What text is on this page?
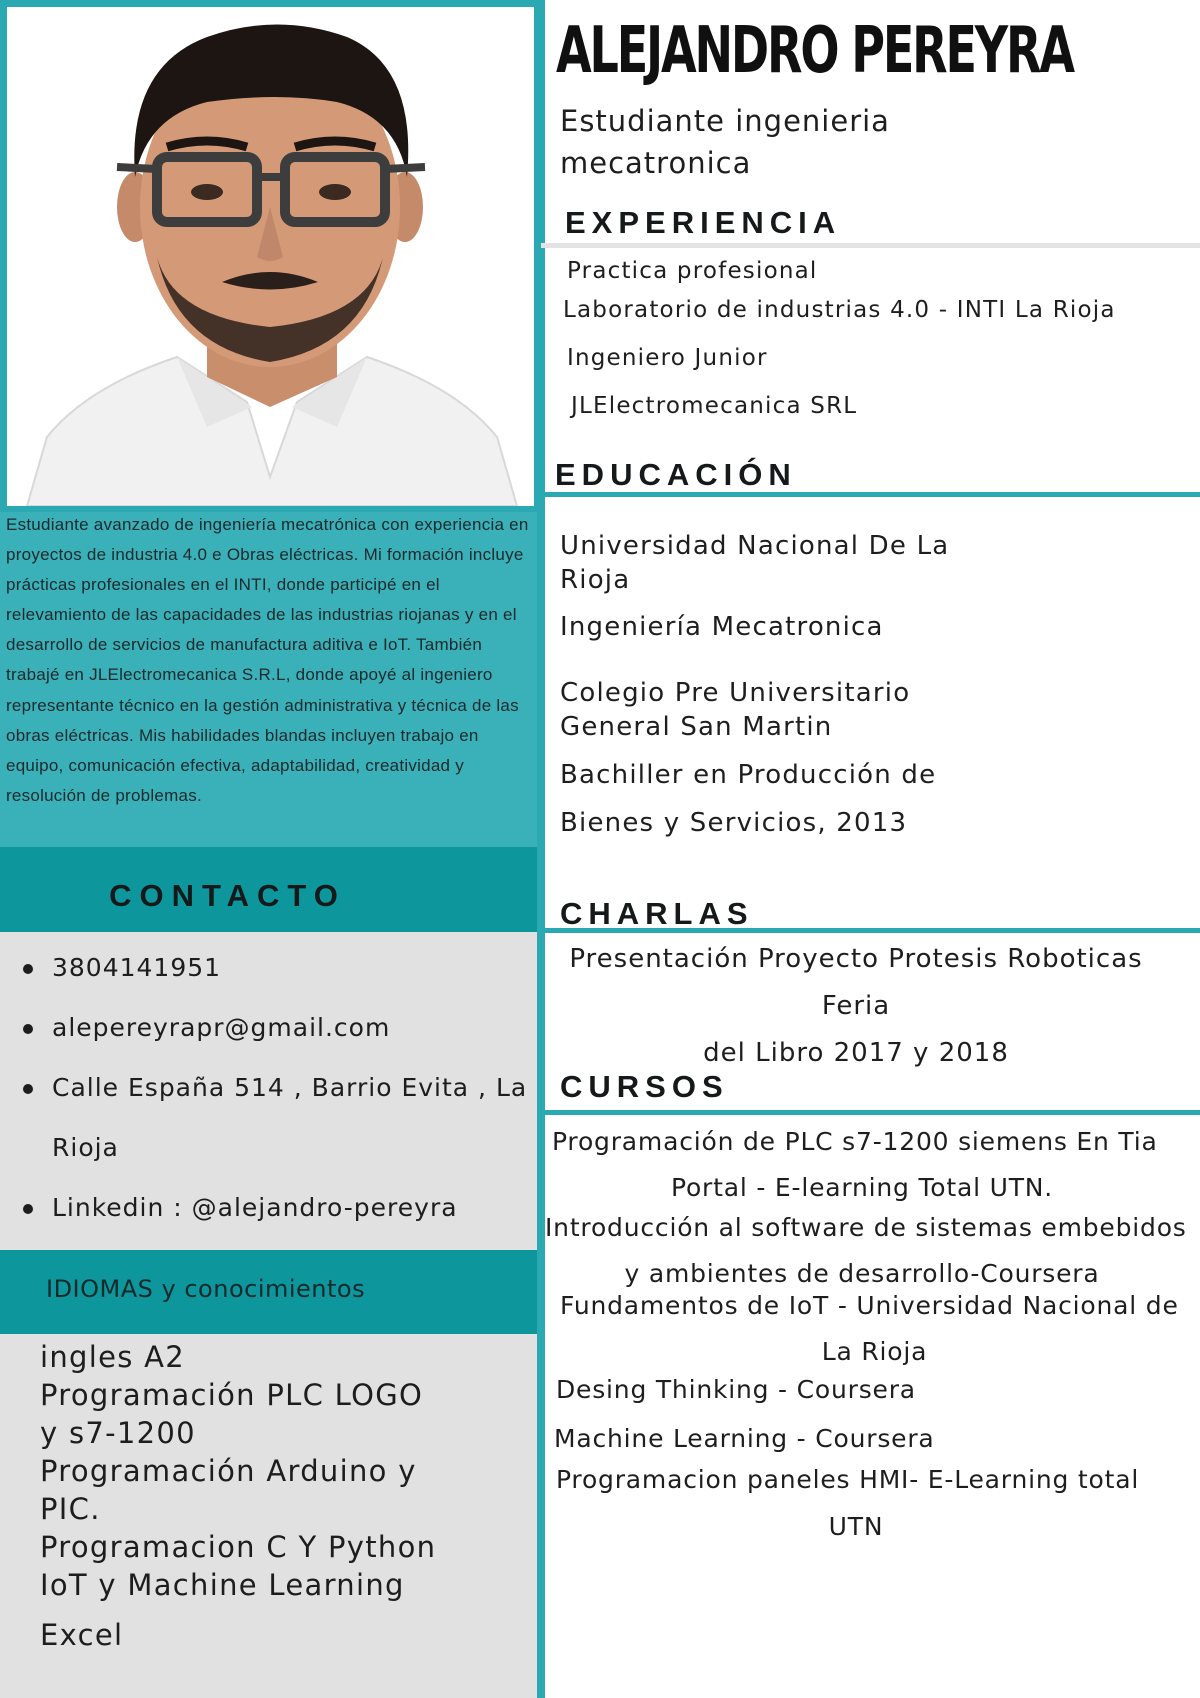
Estudiante avanzado de ingeniería mecatrónica con experiencia en proyectos de industria 4.0 e Obras eléctricas. Mi formación incluye prácticas profesionales en el INTI, donde participé en el relevamiento de las capacidades de las industrias riojanas y en el desarrollo de servicios de manufactura aditiva e IoT. También trabajé en JLElectromecanica S.R.L, donde apoyé al ingeniero representante técnico en la gestión administrativa y técnica de las obras eléctricas. Mis habilidades blandas incluyen trabajo en equipo, comunicación efectiva, adaptabilidad, creatividad y resolución de problemas.

CONTACTO
3804141951
alepereyrapr@gmail.com
Calle España 514 , Barrio Evita , La Rioja
Linkedin : @alejandro-pereyra
IDIOMAS y conocimientos
ingles A2
Programación PLC LOGO y s7-1200
Programación Arduino y PIC.
Programacion C Y Python
IoT y Machine Learning
Excel
ALEJANDRO PEREYRA
Estudiante ingenieria mecatronica
EXPERIENCIA
Practica profesional
Laboratorio de industrias 4.0 - INTI La Rioja
Ingeniero Junior
JLElectromecanica SRL
EDUCACIÓN
Universidad Nacional De La Rioja
Ingeniería Mecatronica
Colegio Pre Universitario General San Martin
Bachiller en Producción de
Bienes y Servicios, 2013
CHARLAS
Presentación Proyecto Protesis Roboticas
Feria
del Libro 2017 y 2018
CURSOS
Programación de PLC s7-1200 siemens En Tia
Portal - E-learning Total UTN.
Introducción al software de sistemas embebidos
y ambientes de desarrollo-Coursera
Fundamentos de IoT - Universidad Nacional de
La Rioja
Desing Thinking - Coursera
Machine Learning - Coursera
Programacion paneles HMI- E-Learning total
UTN
